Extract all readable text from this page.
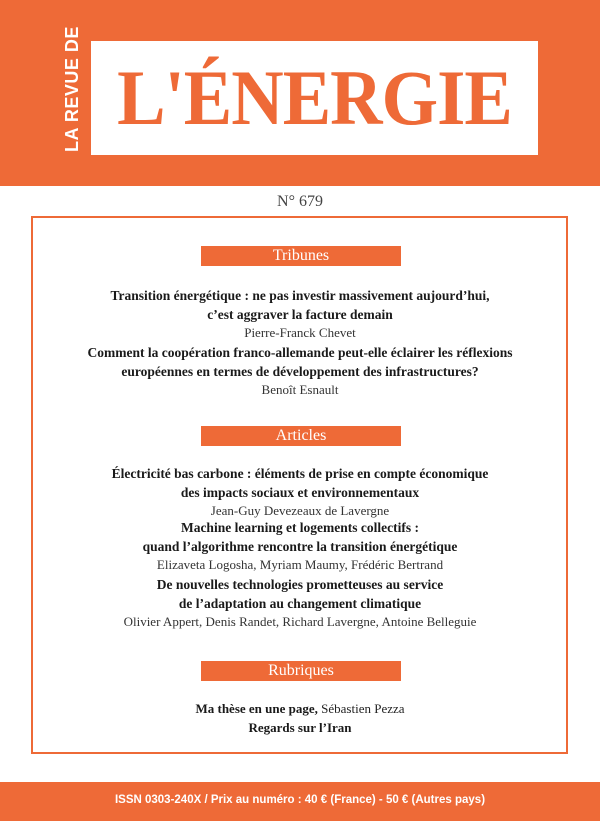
LA REVUE DE L'ÉNERGIE
N° 679
Tribunes

Transition énergétique : ne pas investir massivement aujourd’hui,

c’est aggraver la facture demain

Pierre-Franck Chevet

Comment la coopération franco-allemande peut-elle éclairer les réflexions

européennes en termes de développement des infrastructures?

Benoît Esnault

Articles

Électricité bas carbone : éléments de prise en compte économique

des impacts sociaux et environnementaux

Jean-Guy Devezeaux de Lavergne

Machine learning et logements collectifs :

quand l’algorithme rencontre la transition énergétique

Elizaveta Logosha, Myriam Maumy, Frédéric Bertrand

De nouvelles technologies prometteuses au service

de l’adaptation au changement climatique

Olivier Appert, Denis Randet, Richard Lavergne, Antoine Belleguie

Rubriques
Ma thèse en une page, Sébastien Pezza
Regards sur l’Iran
ISSN 0303-240X / Prix au numéro : 40 € (France) - 50 € (Autres pays)
